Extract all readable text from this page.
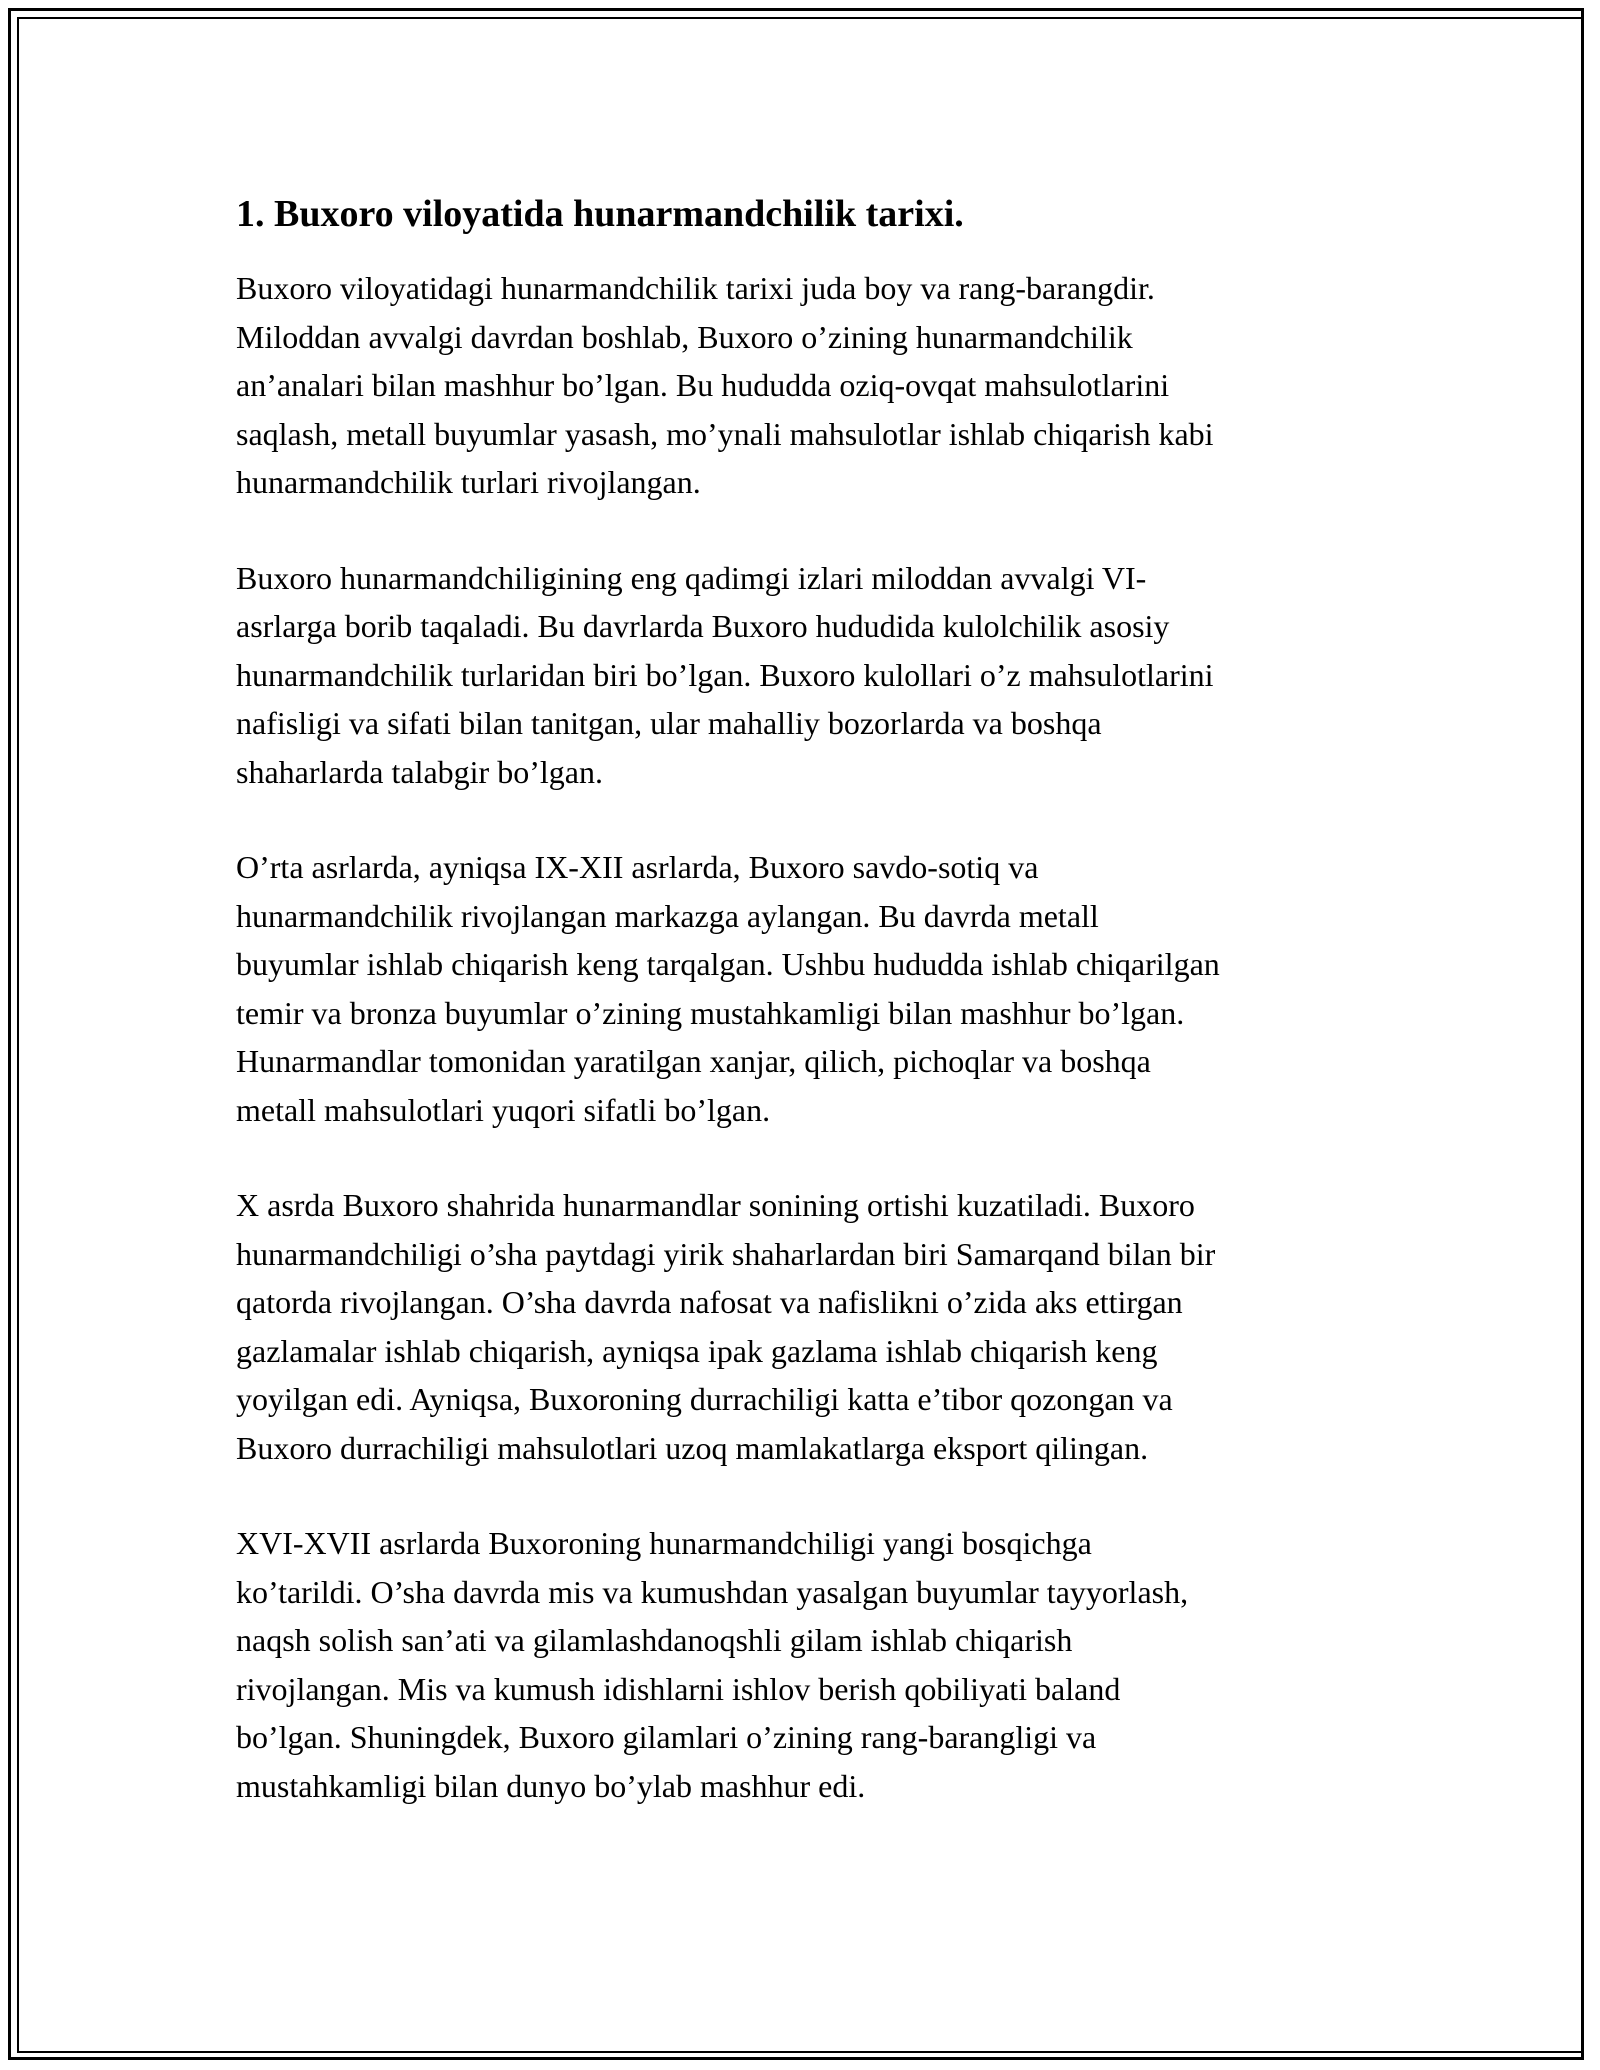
1. Buxoro viloyatida hunarmandchilik tarixi.

Buxoro viloyatidagi hunarmandchilik tarixi juda boy va rang-barangdir.
Miloddan avvalgi davrdan boshlab, Buxoro o’zining hunarmandchilik
an’analari bilan mashhur bo’lgan. Bu hududda oziq-ovqat mahsulotlarini
saqlash, metall buyumlar yasash, mo’ynali mahsulotlar ishlab chiqarish kabi
hunarmandchilik turlari rivojlangan.

Buxoro hunarmandchiligining eng qadimgi izlari miloddan avvalgi VI-
asrlarga borib taqaladi. Bu davrlarda Buxoro hududida kulolchilik asosiy
hunarmandchilik turlaridan biri bo’lgan. Buxoro kulollari o’z mahsulotlarini
nafisligi va sifati bilan tanitgan, ular mahalliy bozorlarda va boshqa
shaharlarda talabgir bo’lgan.

O’rta asrlarda, ayniqsa IX-XII asrlarda, Buxoro savdo-sotiq va
hunarmandchilik rivojlangan markazga aylangan. Bu davrda metall
buyumlar ishlab chiqarish keng tarqalgan. Ushbu hududda ishlab chiqarilgan
temir va bronza buyumlar o’zining mustahkamligi bilan mashhur bo’lgan.
Hunarmandlar tomonidan yaratilgan xanjar, qilich, pichoqlar va boshqa
metall mahsulotlari yuqori sifatli bo’lgan.

X asrda Buxoro shahrida hunarmandlar sonining ortishi kuzatiladi. Buxoro
hunarmandchiligi o’sha paytdagi yirik shaharlardan biri Samarqand bilan bir
qatorda rivojlangan. O’sha davrda nafosat va nafislikni o’zida aks ettirgan
gazlamalar ishlab chiqarish, ayniqsa ipak gazlama ishlab chiqarish keng
yoyilgan edi. Ayniqsa, Buxoroning durrachiligi katta e’tibor qozongan va
Buxoro durrachiligi mahsulotlari uzoq mamlakatlarga eksport qilingan.

XVI-XVII asrlarda Buxoroning hunarmandchiligi yangi bosqichga
ko’tarildi. O’sha davrda mis va kumushdan yasalgan buyumlar tayyorlash,
naqsh solish san’ati va gilamlashdanoqshli gilam ishlab chiqarish
rivojlangan. Mis va kumush idishlarni ishlov berish qobiliyati baland
bo’lgan. Shuningdek, Buxoro gilamlari o’zining rang-barangligi va
mustahkamligi bilan dunyo bo’ylab mashhur edi.
